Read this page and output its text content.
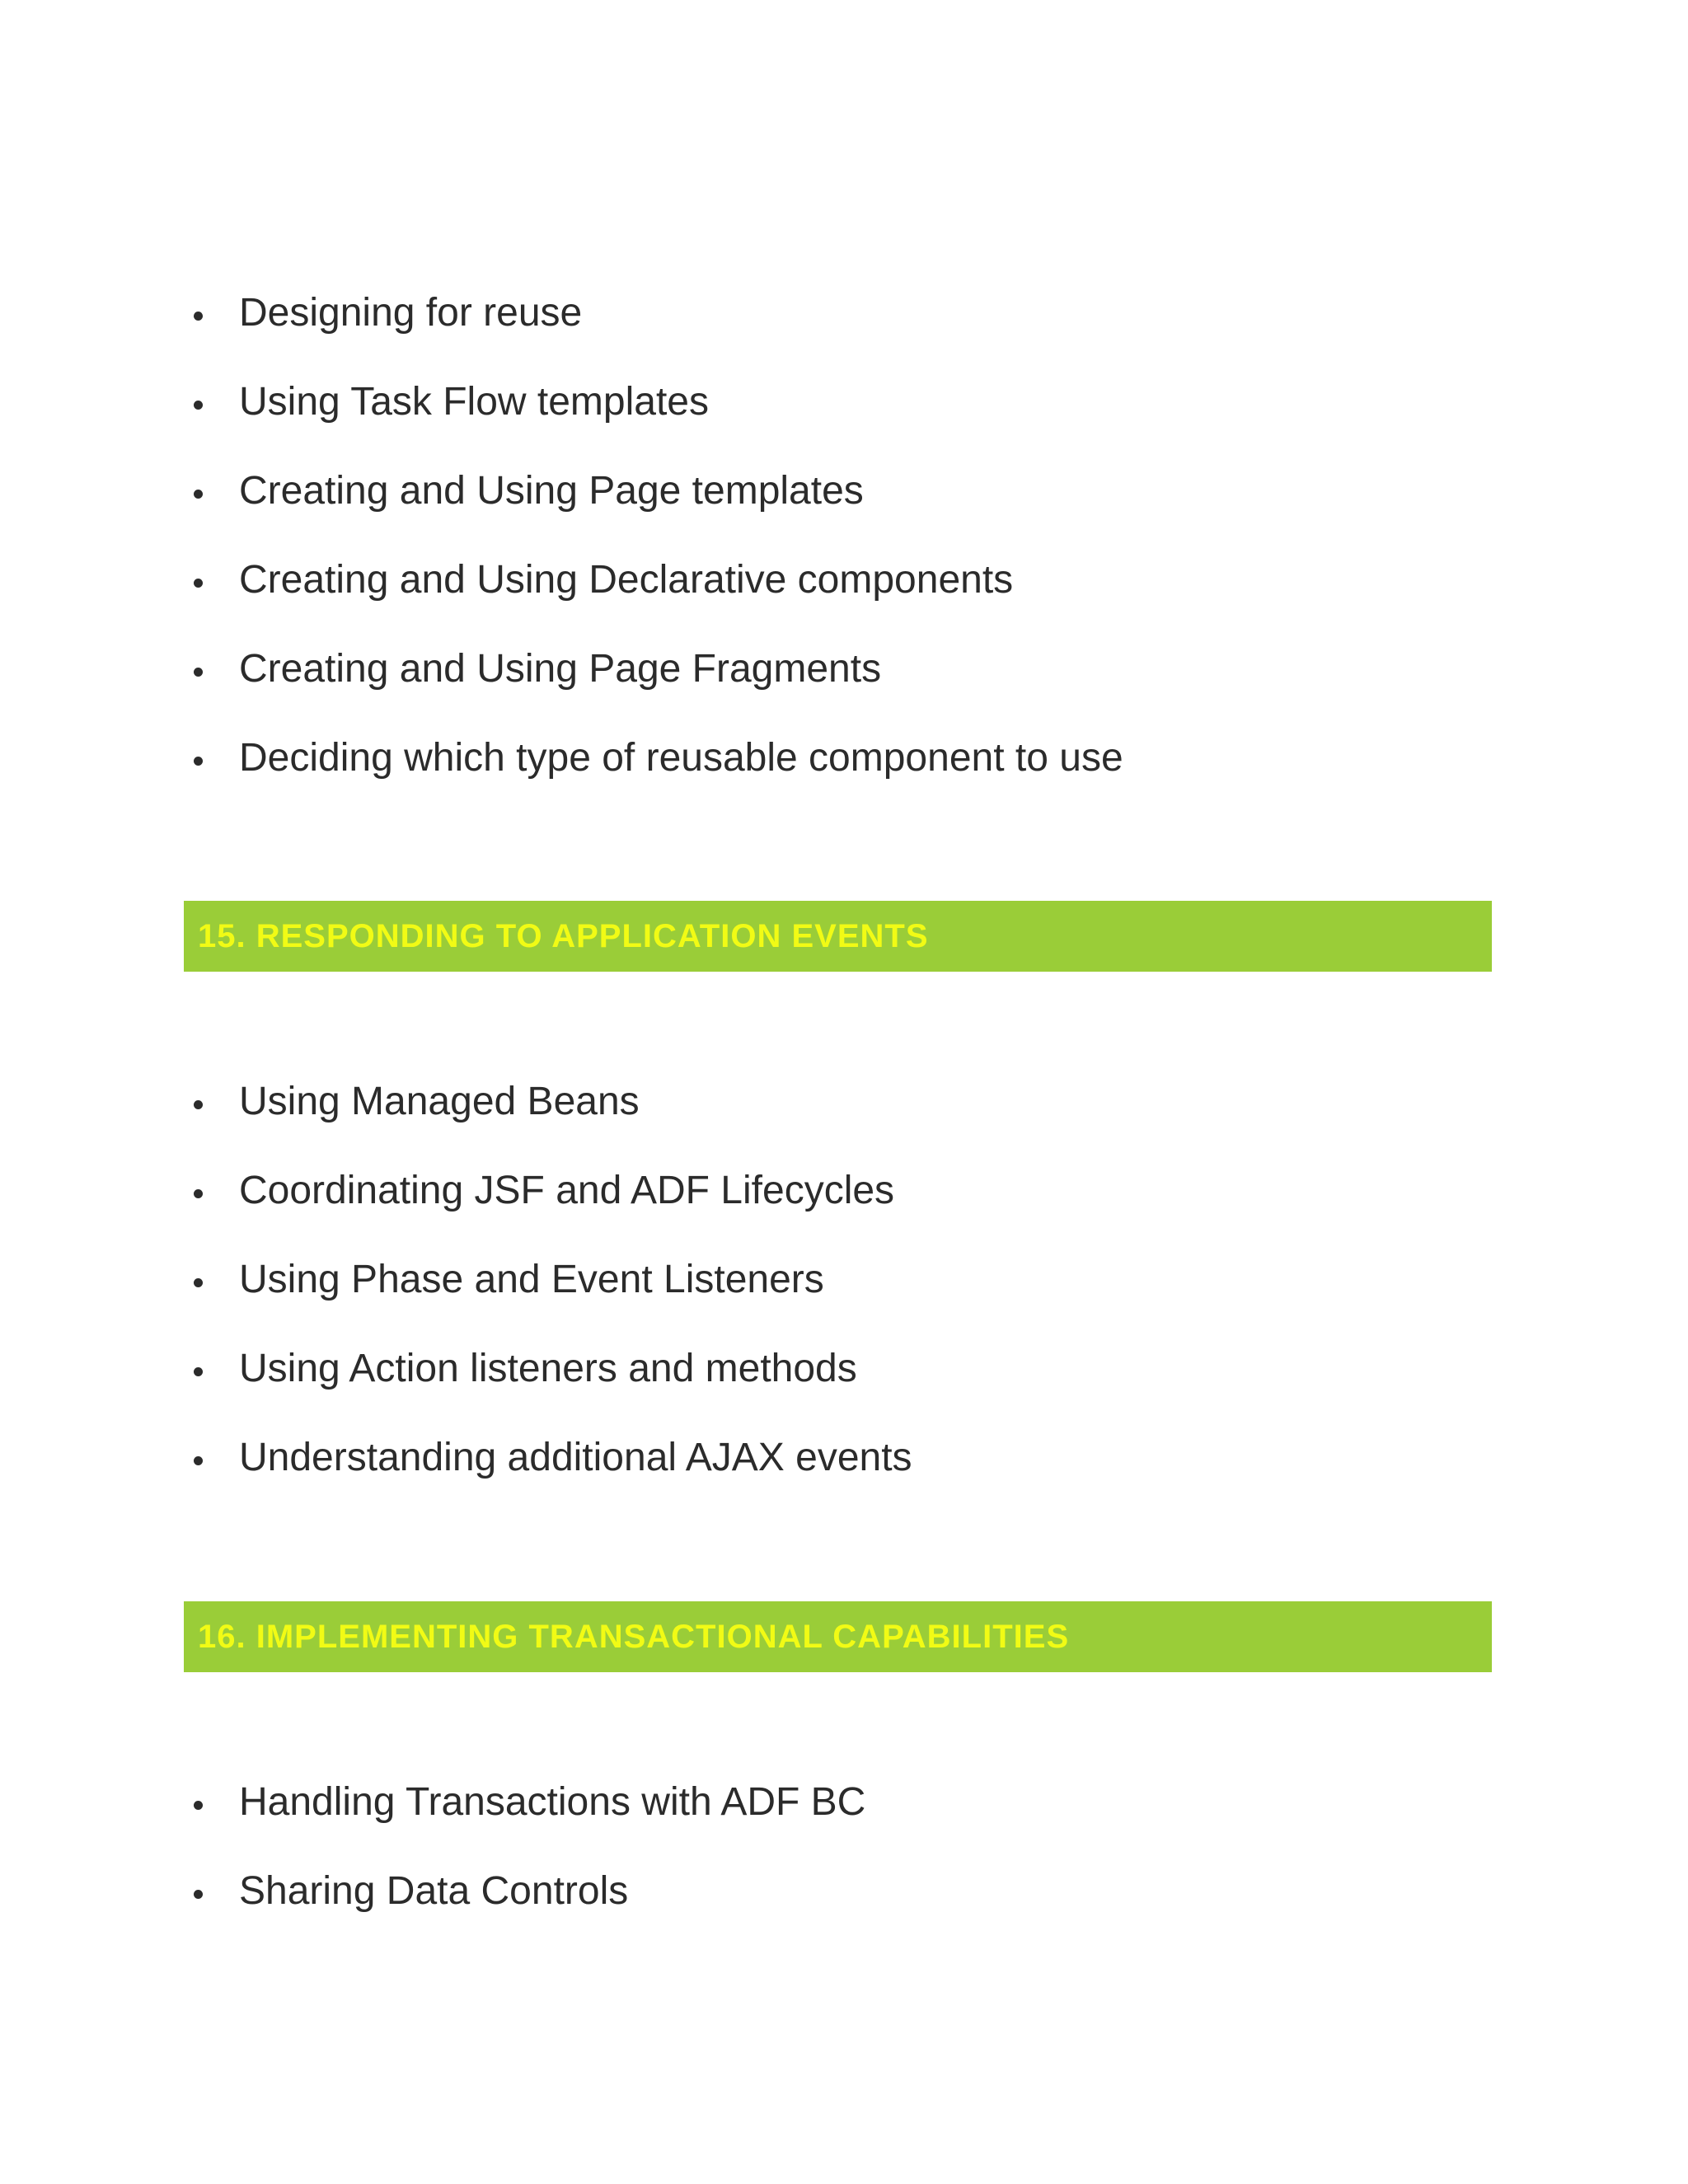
Designing for reuse
Using Task Flow templates
Creating and Using Page templates
Creating and Using Declarative components
Creating and Using Page Fragments
Deciding which type of reusable component to use
15. RESPONDING TO APPLICATION EVENTS
Using Managed Beans
Coordinating JSF and ADF Lifecycles
Using Phase and Event Listeners
Using Action listeners and methods
Understanding additional AJAX events
16. IMPLEMENTING TRANSACTIONAL CAPABILITIES
Handling Transactions with ADF BC
Sharing Data Controls
